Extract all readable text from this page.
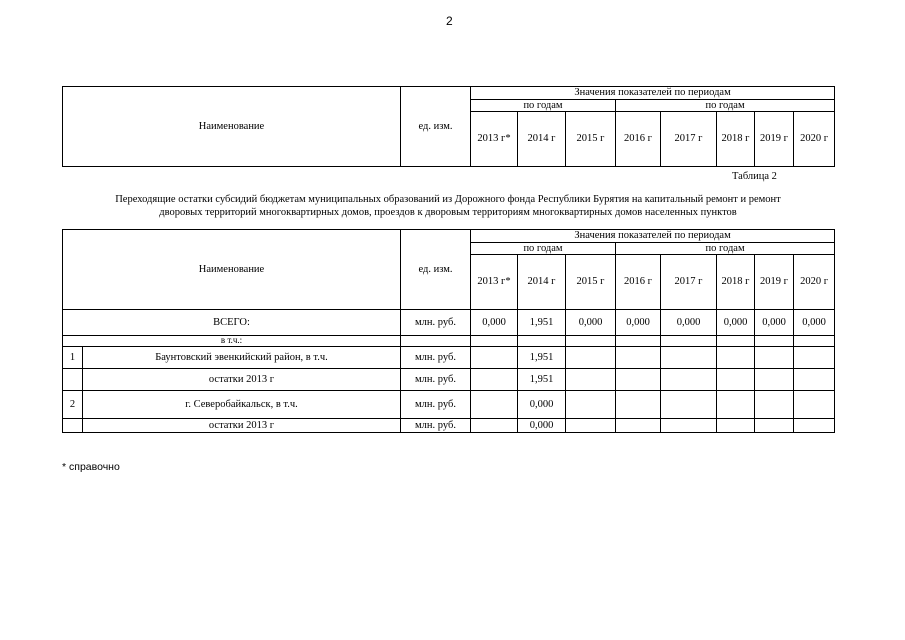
2
Наименование	ед. изм.	Значения показателей по периодам							
		по годам			по годам				
		2013 г*	2014 г	2015 г	2016 г	2017 г	2018 г	2019 г	2020 г
Таблица 2
Переходящие остатки субсидий бюджетам муниципальных образований из Дорожного фонда Республики Бурятия на капитальный ремонт и ремонт
дворовых территорий многоквартирных домов, проездов к дворовым территориям многоквартирных домов населенных пунктов
Наименование		ед. изм.	Значения показателей по периодам							
			по годам			по годам				
			2013 г*	2014 г	2015 г	2016 г	2017 г	2018 г	2019 г	2020 г
ВСЕГО:		млн. руб.	0,000	1,951	0,000	0,000	0,000	0,000	0,000	0,000
в т.ч.:										
1	Баунтовский эвенкийский район, в т.ч.	млн. руб.		1,951						
	остатки 2013 г	млн. руб.		1,951						
2	г. Северобайкальск, в т.ч.	млн. руб.		0,000						
	остатки 2013 г	млн. руб.		0,000						
* справочно
